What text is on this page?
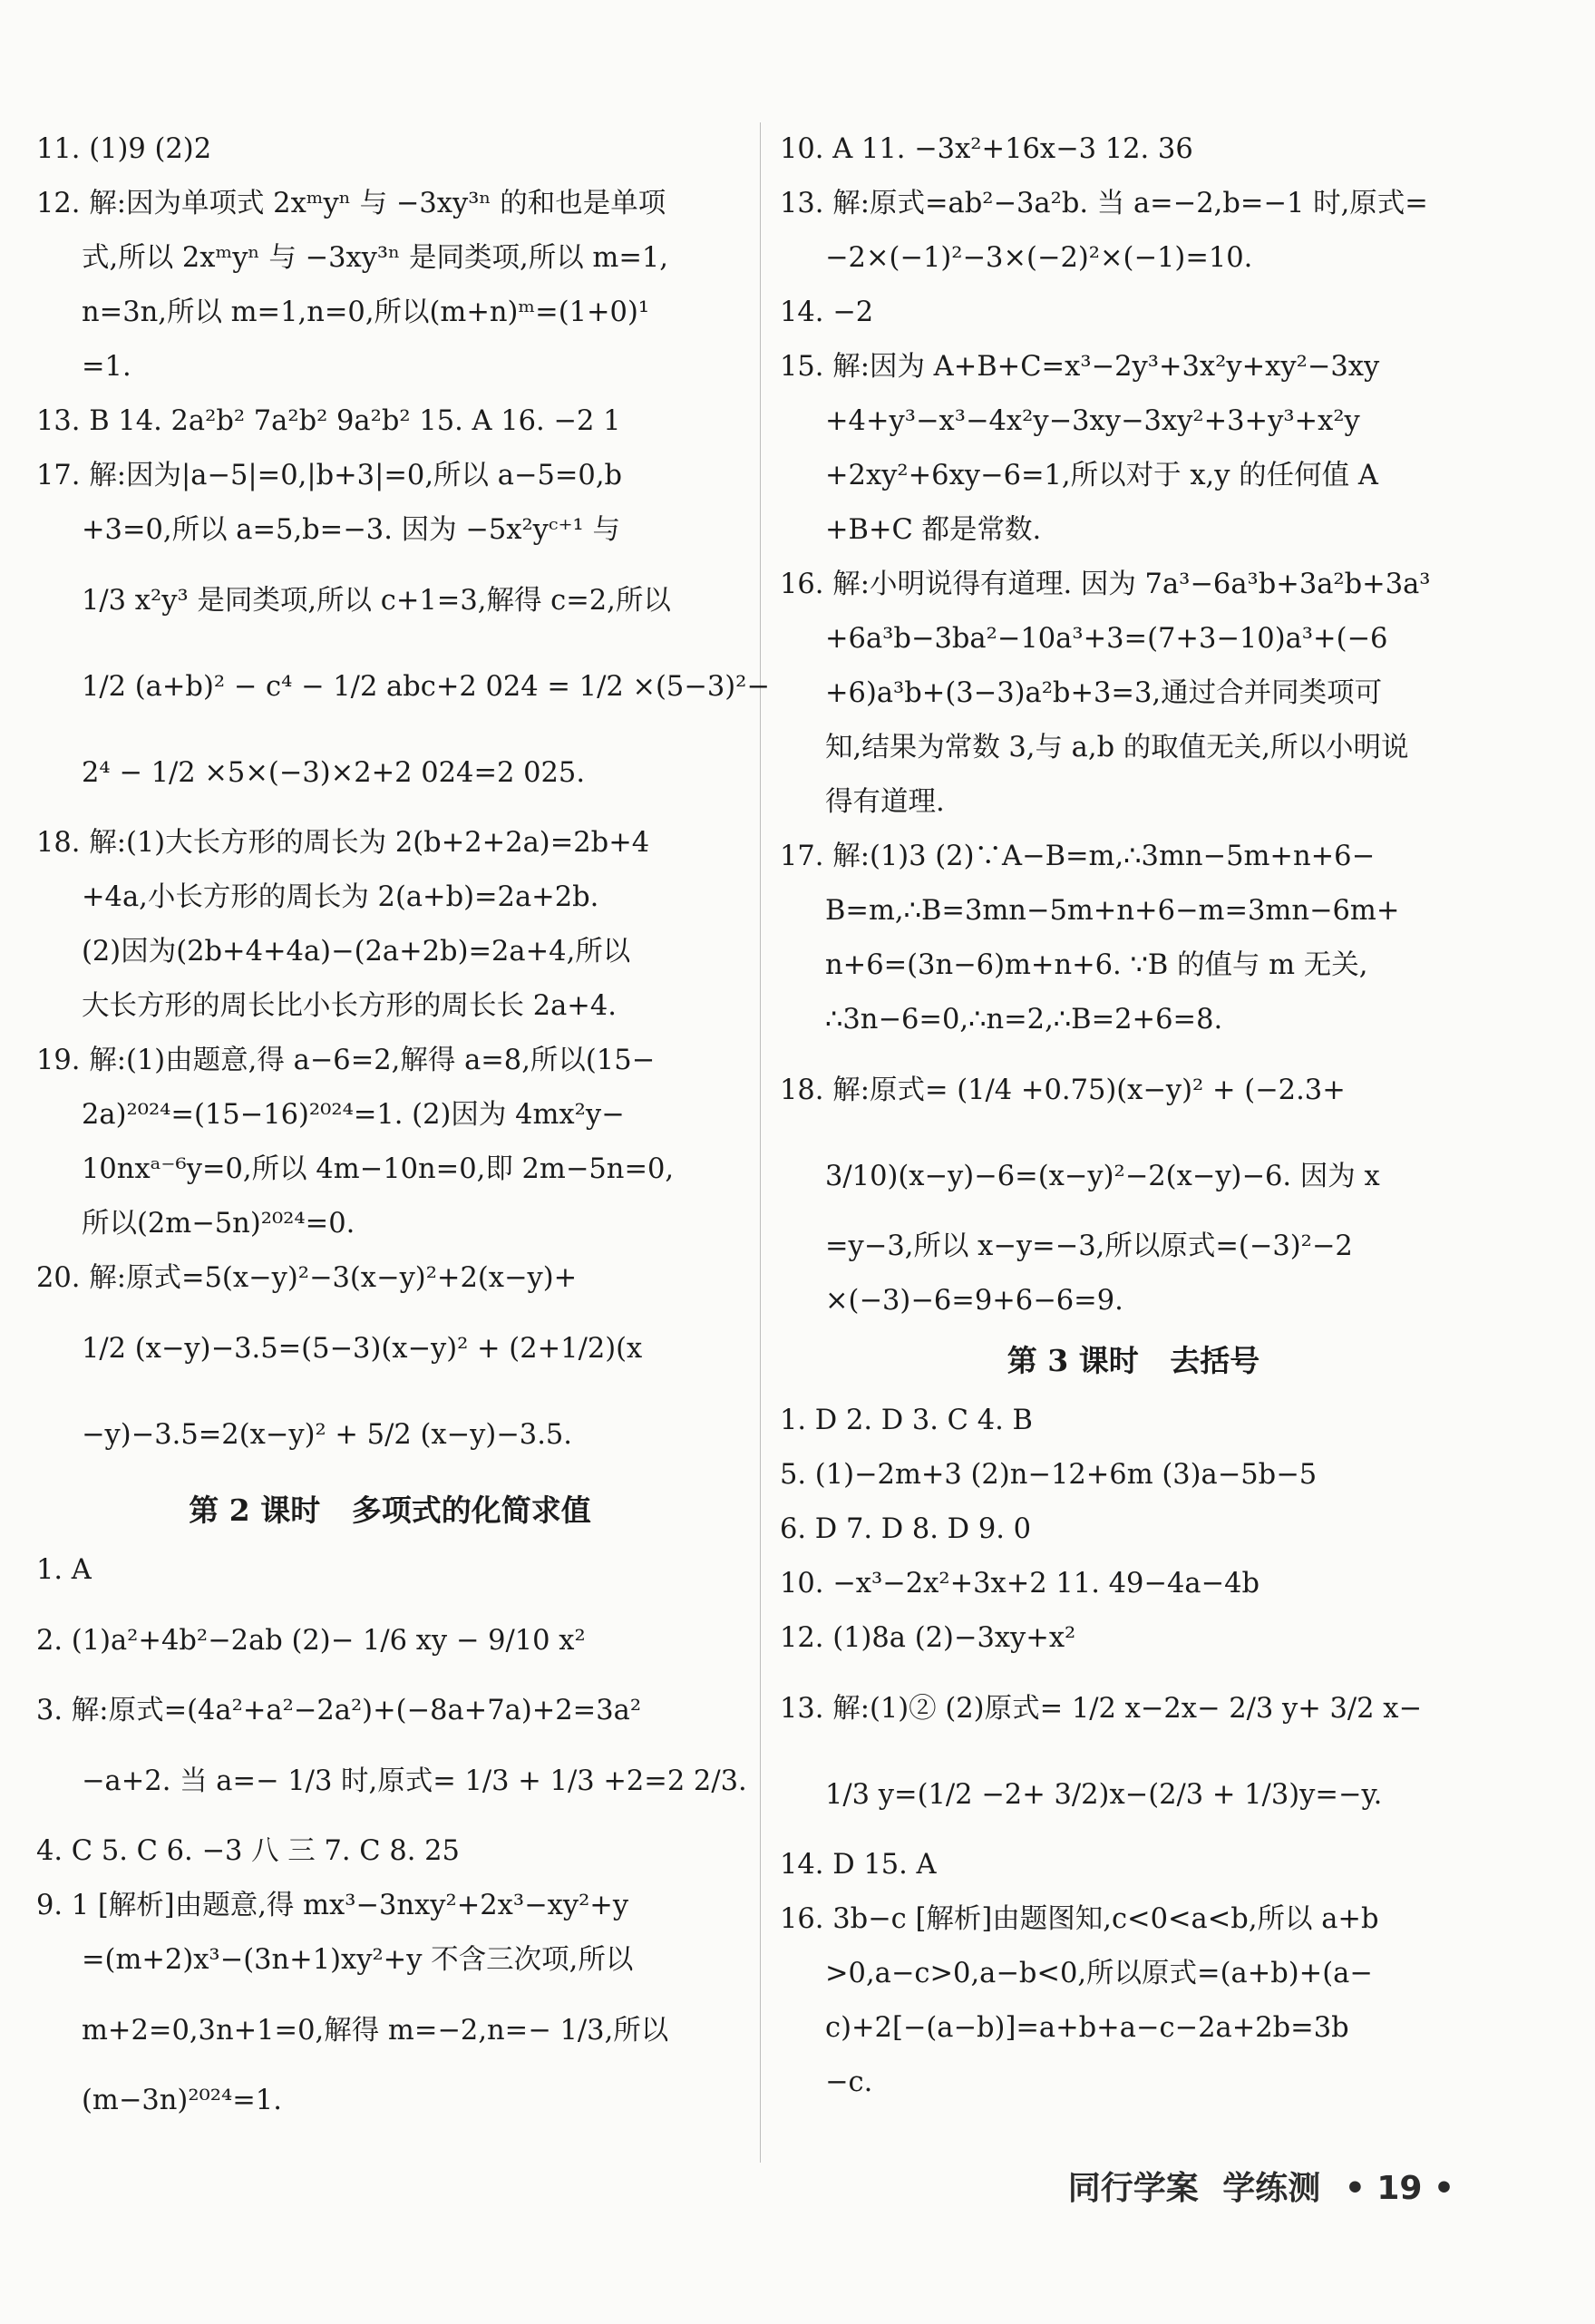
11. (1)9 (2)2
12. 解:因为单项式 2xᵐyⁿ 与 −3xy³ⁿ 的和也是单项
式,所以 2xᵐyⁿ 与 −3xy³ⁿ 是同类项,所以 m=1,
n=3n,所以 m=1,n=0,所以(m+n)ᵐ=(1+0)¹
=1.
13. B 14. 2a²b² 7a²b² 9a²b² 15. A 16. −2 1
17. 解:因为|a−5|=0,|b+3|=0,所以 a−5=0,b
+3=0,所以 a=5,b=−3. 因为 −5x²yᶜ⁺¹ 与
1/3 x²y³ 是同类项,所以 c+1=3,解得 c=2,所以
1/2 (a+b)² − c⁴ − 1/2 abc+2 024 = 1/2 ×(5−3)²−
2⁴ − 1/2 ×5×(−3)×2+2 024=2 025.
18. 解:(1)大长方形的周长为 2(b+2+2a)=2b+4
+4a,小长方形的周长为 2(a+b)=2a+2b.
(2)因为(2b+4+4a)−(2a+2b)=2a+4,所以
大长方形的周长比小长方形的周长长 2a+4.
19. 解:(1)由题意,得 a−6=2,解得 a=8,所以(15−
2a)²⁰²⁴=(15−16)²⁰²⁴=1. (2)因为 4mx²y−
10nxᵃ⁻⁶y=0,所以 4m−10n=0,即 2m−5n=0,
所以(2m−5n)²⁰²⁴=0.
20. 解:原式=5(x−y)²−3(x−y)²+2(x−y)+
1/2 (x−y)−3.5=(5−3)(x−y)² + (2+1/2)(x
−y)−3.5=2(x−y)² + 5/2 (x−y)−3.5.
第 2 课时   多项式的化简求值
1. A
2. (1)a²+4b²−2ab (2)− 1/6 xy − 9/10 x²
3. 解:原式=(4a²+a²−2a²)+(−8a+7a)+2=3a²
−a+2. 当 a=− 1/3 时,原式= 1/3 + 1/3 +2=2 2/3.
4. C 5. C 6. −3 八 三 7. C 8. 25
9. 1 [解析]由题意,得 mx³−3nxy²+2x³−xy²+y
=(m+2)x³−(3n+1)xy²+y 不含三次项,所以
m+2=0,3n+1=0,解得 m=−2,n=− 1/3,所以
(m−3n)²⁰²⁴=1.
10. A 11. −3x²+16x−3 12. 36
13. 解:原式=ab²−3a²b. 当 a=−2,b=−1 时,原式=
−2×(−1)²−3×(−2)²×(−1)=10.
14. −2
15. 解:因为 A+B+C=x³−2y³+3x²y+xy²−3xy
+4+y³−x³−4x²y−3xy−3xy²+3+y³+x²y
+2xy²+6xy−6=1,所以对于 x,y 的任何值 A
+B+C 都是常数.
16. 解:小明说得有道理. 因为 7a³−6a³b+3a²b+3a³
+6a³b−3ba²−10a³+3=(7+3−10)a³+(−6
+6)a³b+(3−3)a²b+3=3,通过合并同类项可
知,结果为常数 3,与 a,b 的取值无关,所以小明说
得有道理.
17. 解:(1)3 (2)∵A−B=m,∴3mn−5m+n+6−
B=m,∴B=3mn−5m+n+6−m=3mn−6m+
n+6=(3n−6)m+n+6. ∵B 的值与 m 无关,
∴3n−6=0,∴n=2,∴B=2+6=8.
18. 解:原式= (1/4 +0.75)(x−y)² + (−2.3+
3/10)(x−y)−6=(x−y)²−2(x−y)−6. 因为 x
=y−3,所以 x−y=−3,所以原式=(−3)²−2
×(−3)−6=9+6−6=9.
第 3 课时   去括号
1. D 2. D 3. C 4. B
5. (1)−2m+3 (2)n−12+6m (3)a−5b−5
6. D 7. D 8. D 9. 0
10. −x³−2x²+3x+2 11. 49−4a−4b
12. (1)8a (2)−3xy+x²
13. 解:(1)② (2)原式= 1/2 x−2x− 2/3 y+ 3/2 x−
1/3 y=(1/2 −2+ 3/2)x−(2/3 + 1/3)y=−y.
14. D 15. A
16. 3b−c [解析]由题图知,c<0<a<b,所以 a+b
>0,a−c>0,a−b<0,所以原式=(a+b)+(a−
c)+2[−(a−b)]=a+b+a−c−2a+2b=3b
−c.
同行学案 学练测 • 19 •
